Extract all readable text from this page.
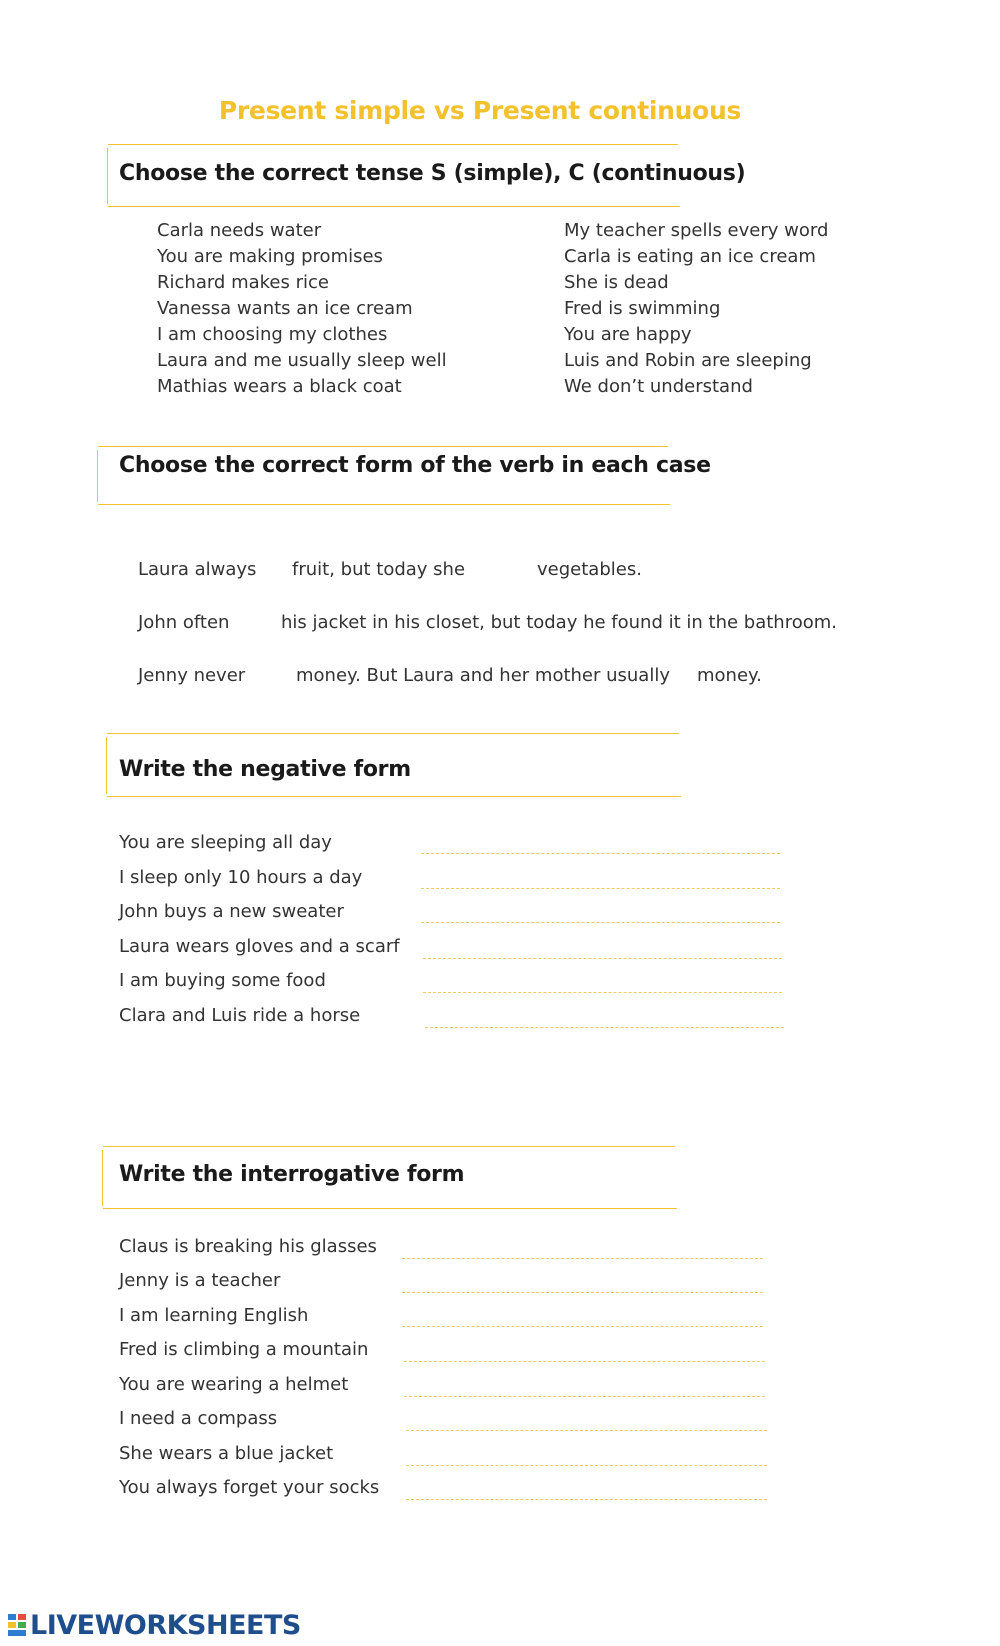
Present simple vs Present continuous
Choose the correct tense S (simple), C (continuous)
Carla needs water
You are making promises
Richard makes rice
Vanessa wants an ice cream
I am choosing my clothes
Laura and me usually sleep well
Mathias wears a black coat
My teacher spells every word
Carla is eating an ice cream
She is dead
Fred is swimming
You are happy
Luis and Robin are sleeping
We don’t understand
Choose the correct form of the verb in each case
Laura always fruit, but today she	vegetables.
John often	his jacket in his closet, but today he found it in the bathroom.
Jenny never	money. But Laura and her mother usually money.
Write the negative form
You are sleeping all day
I sleep only 10 hours a day
John buys a new sweater
Laura wears gloves and a scarf
I am buying some food
Clara and Luis ride a horse
Write the interrogative form
Claus is breaking his glasses
Jenny is a teacher
I am learning English
Fred is climbing a mountain
You are wearing a helmet
I need a compass
She wears a blue jacket
You always forget your socks
LIVEWORKSHEETS
